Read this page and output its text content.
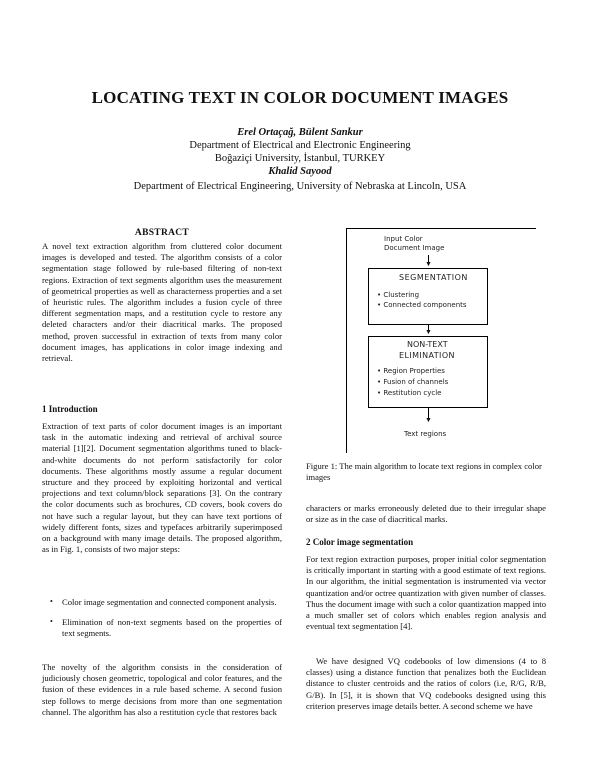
LOCATING TEXT IN COLOR DOCUMENT IMAGES
Erel Ortaçağ, Bülent Sankur
Department of Electrical and Electronic Engineering
Boğaziçi University, İstanbul, TURKEY
Khalid Sayood
Department of Electrical Engineering, University of Nebraska at Lincoln, USA
ABSTRACT
A novel text extraction algorithm from cluttered color document images is developed and tested. The algorithm consists of a color segmentation stage followed by rule-based filtering of non-text regions. Extraction of text segments algorithm uses the measurement of geometrical properties as well as characterness properties and a set of heuristic rules. The algorithm includes a fusion cycle of three different segmentation maps, and a restitution cycle to restore any deleted characters and/or their diacritical marks. The proposed method, proven successful in extraction of texts from many color document images, has applications in color image indexing and retrieval.
1 Introduction
Extraction of text parts of color document images is an important task in the automatic indexing and retrieval of archival source material [1][2]. Document segmentation algorithms tuned to black-and-white documents do not perform satisfactorily for color documents. These algorithms mostly assume a regular document structure and they proceed by exploiting horizontal and vertical projections and text column/block separations [3]. On the contrary the color documents such as brochures, CD covers, book covers do not have such a regular layout, but they can have text portions of widely different fonts, sizes and typefaces arbitrarily superimposed on a background with many image details. The proposed algorithm, as in Fig. 1, consists of two major steps:
• Color image segmentation and connected component analysis.
• Elimination of non-text segments based on the properties of text segments.
The novelty of the algorithm consists in the consideration of judiciously chosen geometric, topological and color features, and the fusion of these evidences in a rule based scheme. A second fusion step follows to merge decisions from more than one segmentation channel. The algorithm has also a restitution cycle that restores back
Input Color
Document Image
▼
SEGMENTATION
• Clustering
• Connected components
▼
NON-TEXT
ELIMINATION
• Region Properties
• Fusion of channels
• Restitution cycle
▼
Text regions
Figure 1: The main algorithm to locate text regions in complex color images
characters or marks erroneously deleted due to their irregular shape or size as in the case of diacritical marks.
2 Color image segmentation
For text region extraction purposes, proper initial color segmentation is critically important in starting with a good estimate of text regions. In our algorithm, the initial segmentation is instrumented via vector quantization and/or octree quantization with given number of classes. Thus the document image with such a color quantization mapped into a much smaller set of colors which enables region analysis and eventual text segmentation [4].
We have designed VQ codebooks of low dimensions (4 to 8 classes) using a distance function that penalizes both the Euclidean distance to cluster centroids and the ratios of colors (i.e, R/G, R/B, G/B). In [5], it is shown that VQ codebooks designed using this criterion preserves image details better. A second scheme we have
